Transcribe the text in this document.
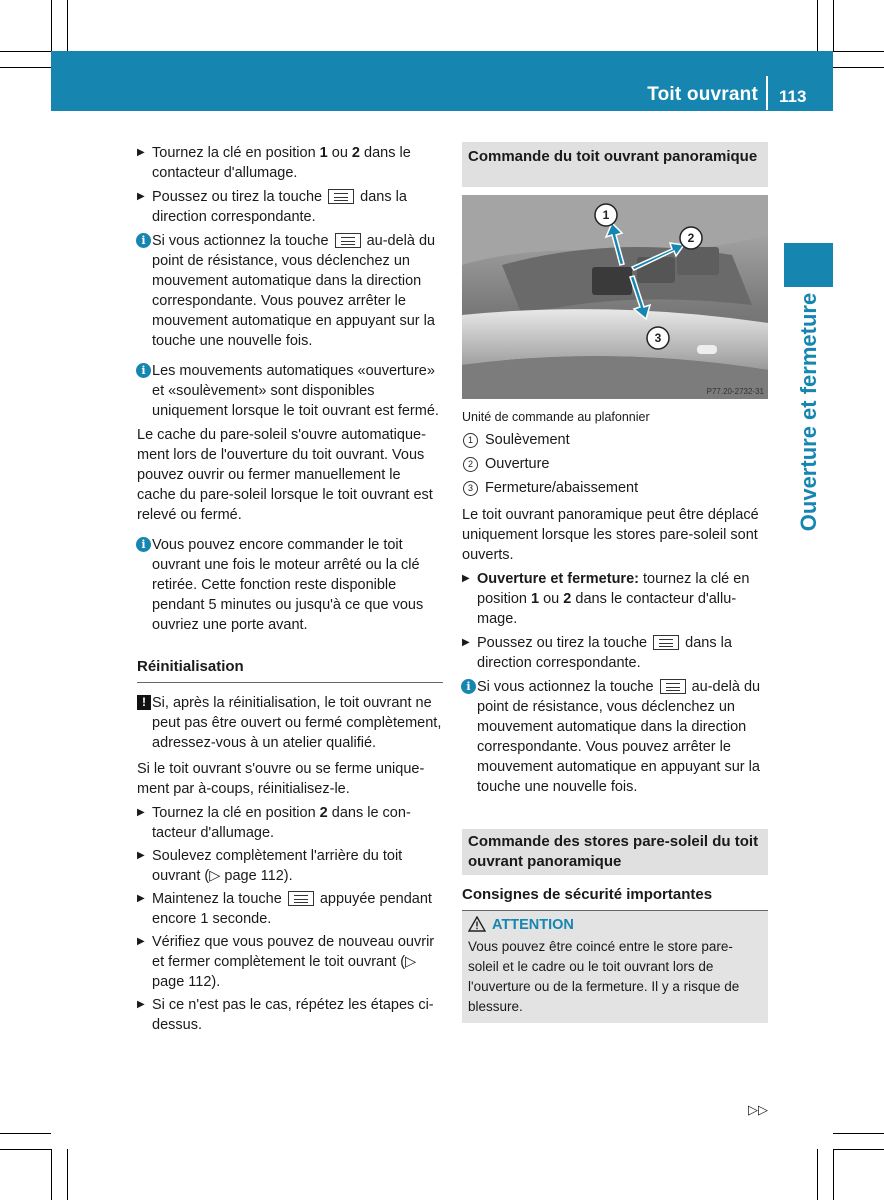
Toit ouvrant 113
Ouverture et fermeture

▶ Tournez la clé en position 1 ou 2 dans le contacteur d'allumage.

▶ Poussez ou tirez la touche  dans la direction correspondante.

i Si vous actionnez la touche  au-delà du point de résistance, vous déclenchez un mouvement automatique dans la direction correspondante. Vous pouvez arrêter le mouvement automatique en appuyant sur la touche une nouvelle fois.

i Les mouvements automatiques «ouverture» et «soulèvement» sont disponibles uniquement lorsque le toit ouvrant est fermé.

Le cache du pare-soleil s'ouvre automatiquement lors de l'ouverture du toit ouvrant. Vous pouvez ouvrir ou fermer manuellement le cache du pare-soleil lorsque le toit ouvrant est relevé ou fermé.

i Vous pouvez encore commander le toit ouvrant une fois le moteur arrêté ou la clé retirée. Cette fonction reste disponible pendant 5 minutes ou jusqu'à ce que vous ouvriez une porte avant.

Réinitialisation

! Si, après la réinitialisation, le toit ouvrant ne peut pas être ouvert ou fermé complètement, adressez-vous à un atelier qualifié.

Si le toit ouvrant s'ouvre ou se ferme uniquement par à-coups, réinitialisez-le.

▶ Tournez la clé en position 2 dans le contacteur d'allumage.

▶ Soulevez complètement l'arrière du toit ouvrant (▷ page 112).

▶ Maintenez la touche  appuyée pendant encore 1 seconde.

▶ Vérifiez que vous pouvez de nouveau ouvrir et fermer complètement le toit ouvrant (▷ page 112).

▶ Si ce n'est pas le cas, répétez les étapes ci-dessus.

Commande du toit ouvrant panoramique
1
2
3
P77.20-2732-31
Unité de commande au plafonnier
1 Soulèvement
2 Ouverture
3 Fermeture/abaissement

Le toit ouvrant panoramique peut être déplacé uniquement lorsque les stores pare-soleil sont ouverts.

▶ Ouverture et fermeture: tournez la clé en position 1 ou 2 dans le contacteur d'allumage.

▶ Poussez ou tirez la touche  dans la direction correspondante.

i Si vous actionnez la touche  au-delà du point de résistance, vous déclenchez un mouvement automatique dans la direction correspondante. Vous pouvez arrêter le mouvement automatique en appuyant sur la touche une nouvelle fois.

Commande des stores pare-soleil du toit ouvrant panoramique
Consignes de sécurité importantes
ATTENTION

Vous pouvez être coincé entre le store pare-soleil et le cadre ou le toit ouvrant lors de l'ouverture ou de la fermeture. Il y a risque de blessure.

▷▷
